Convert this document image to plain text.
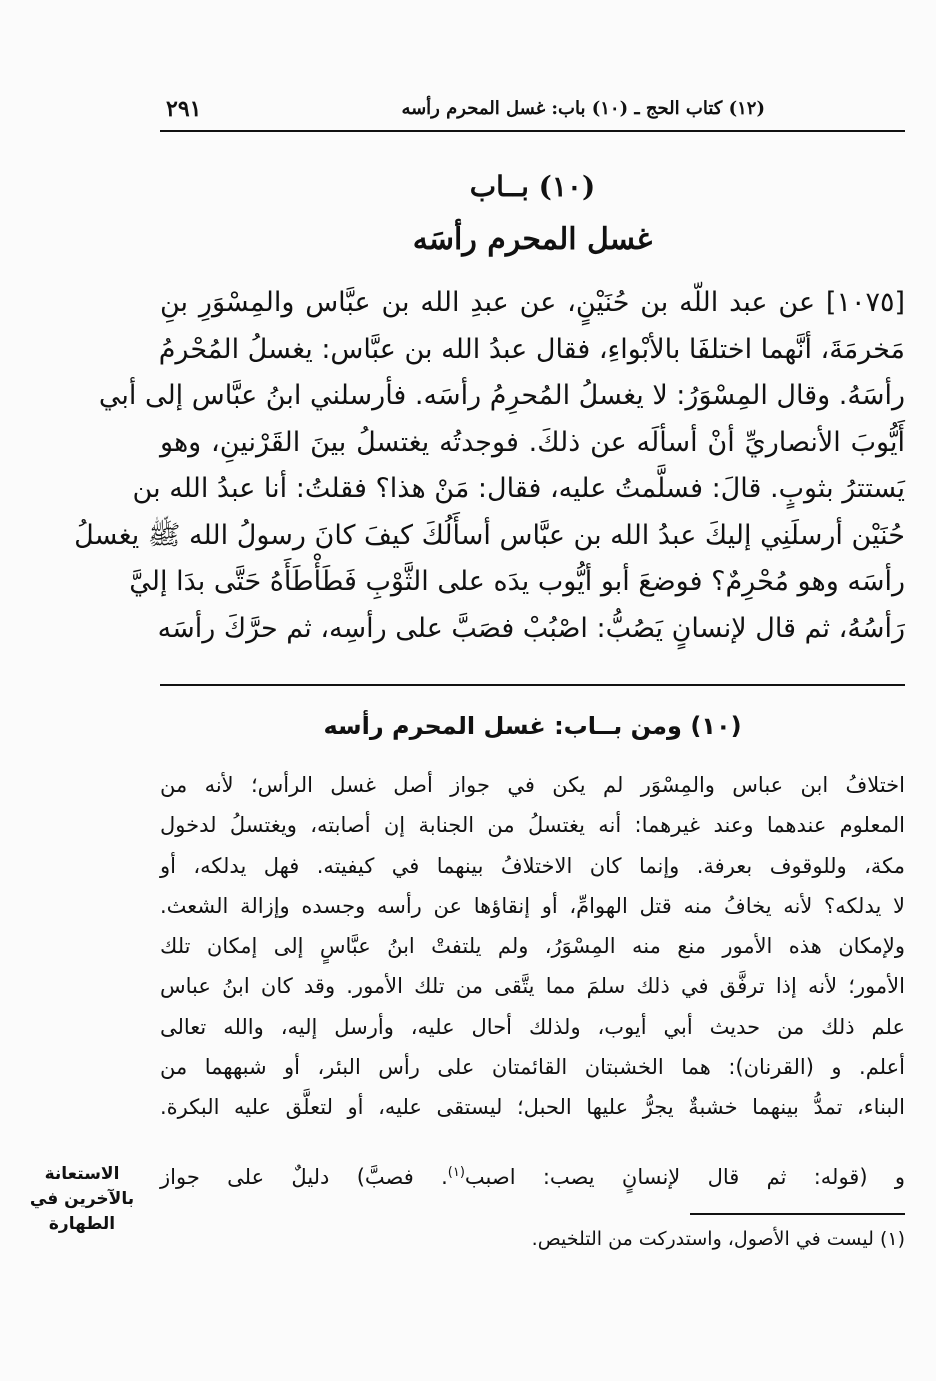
٢٩١	(١٢) كتاب الحج ـ (١٠) باب: غسل المحرم رأسه
(١٠) بــاب
غسل المحرم رأسَه

[١٠٧٥] عن عبد اللّه بن حُنَيْنٍ، عن عبدِ الله بن عبَّاس والمِسْوَرِ بنِ

مَخرمَةَ، أنَّهما اختلفَا بالأبْواءِ، فقال عبدُ الله بن عبَّاس: يغسلُ المُحْرمُ

رأسَهُ. وقال المِسْوَرُ: لا يغسلُ المُحرِمُ رأسَه. فأرسلني ابنُ عبَّاس إلى أبي

أَيُّوبَ الأنصاريِّ أنْ أسألَه عن ذلكَ. فوجدتُه يغتسلُ بينَ القَرْنينِ، وهو

يَستترُ بثوبٍ. قالَ: فسلَّمتُ عليه، فقال: مَنْ هذا؟ فقلتُ: أنا عبدُ الله بن

حُنَيْن أرسلَنِي إليكَ عبدُ الله بن عبَّاس أسأَلُكَ كيفَ كانَ رسولُ الله ﷺ يغسلُ

رأسَه وهو مُحْرِمٌ؟ فوضعَ أبو أيُّوب يدَه على الثَّوْبِ فَطَأْطَأَهُ حَتَّى بدَا إليَّ

رَأسُهُ، ثم قال لإنسانٍ يَصُبُّ: اصْبُبْ فصَبَّ على رأسِه، ثم حرَّكَ رأسَه

(١٠) ومن بــاب: غسل المحرم رأسه

اختلافُ ابن عباس والمِسْوَر لم يكن في جواز أصل غسل الرأس؛ لأنه من

المعلوم عندهما وعند غيرهما: أنه يغتسلُ من الجنابة إن أصابته، ويغتسلُ لدخول

مكة، وللوقوف بعرفة. وإنما كان الاختلافُ بينهما في كيفيته. فهل يدلكه، أو

لا يدلكه؟ لأنه يخافُ منه قتل الهوامِّ، أو إنقاؤها عن رأسه وجسده وإزالة الشعث.

ولإمكان هذه الأمور منع منه المِسْوَرُ، ولم يلتفتْ ابنُ عبَّاسٍ إلى إمكان تلك

الأمور؛ لأنه إذا ترفَّق في ذلك سلمَ مما يتَّقى من تلك الأمور. وقد كان ابنُ عباس

علم ذلك من حديث أبي أيوب، ولذلك أحال عليه، وأرسل إليه، والله تعالى

أعلم. و (القرنان): هما الخشبتان القائمتان على رأس البئر، أو شبههما من

البناء، تمدُّ بينهما خشبةٌ يجرُّ عليها الحبل؛ ليستقى عليه، أو لتعلَّق عليه البكرة.

و (قوله: ثم قال لإنسانٍ يصب: اصبب$^{(١)}$. فصبَّ) دليلٌ على جواز
الاستعانة
بالآخرين في
الطهارة
(١) ليست في الأصول، واستدركت من التلخيص.
